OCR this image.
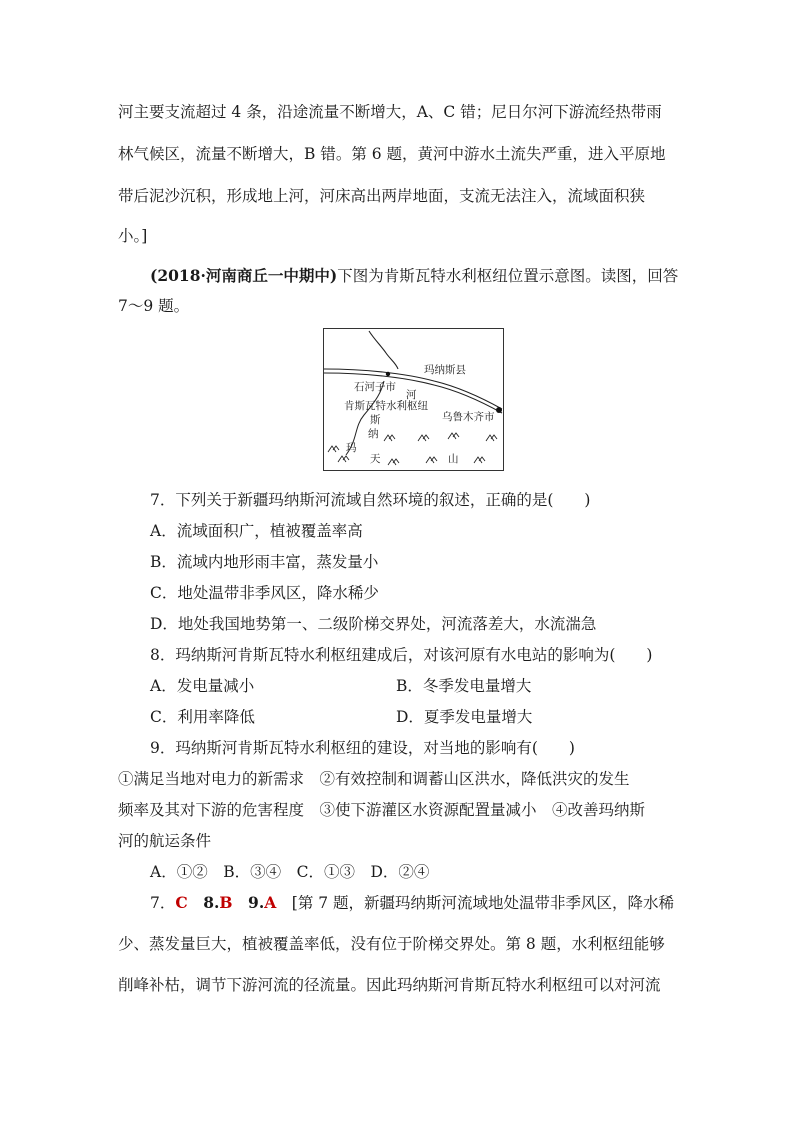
河主要支流超过 4 条，沿途流量不断增大，A、C 错；尼日尔河下游流经热带雨
林气候区，流量不断增大，B 错。第 6 题，黄河中游水土流失严重，进入平原地
带后泥沙沉积，形成地上河，河床高出两岸地面，支流无法注入，流域面积狭
小。]
(2018·河南商丘一中期中)下图为肯斯瓦特水利枢纽位置示意图。读图，回答
7～9 题。
玛纳斯县
石河子市
河
肯斯瓦特水利枢纽
斯	乌鲁木齐市
纳
玛
天	山
7．下列关于新疆玛纳斯河流域自然环境的叙述，正确的是(　　)
A．流域面积广，植被覆盖率高
B．流域内地形雨丰富，蒸发量小
C．地处温带非季风区，降水稀少
D．地处我国地势第一、二级阶梯交界处，河流落差大，水流湍急
8．玛纳斯河肯斯瓦特水利枢纽建成后，对该河原有水电站的影响为(　　)
A．发电量减小	B．冬季发电量增大
C．利用率降低	D．夏季发电量增大
9．玛纳斯河肯斯瓦特水利枢纽的建设，对当地的影响有(　　)
①满足当地对电力的新需求　②有效控制和调蓄山区洪水，降低洪灾的发生
频率及其对下游的危害程度　③使下游灌区水资源配置量减小　④改善玛纳斯
河的航运条件
A．①②　B．③④　C．①③　D．②④
7．C　 8.B　 9.A　 [第 7 题，新疆玛纳斯河流域地处温带非季风区，降水稀
少、蒸发量巨大，植被覆盖率低，没有位于阶梯交界处。第 8 题，水利枢纽能够
削峰补枯，调节下游河流的径流量。因此玛纳斯河肯斯瓦特水利枢纽可以对河流
